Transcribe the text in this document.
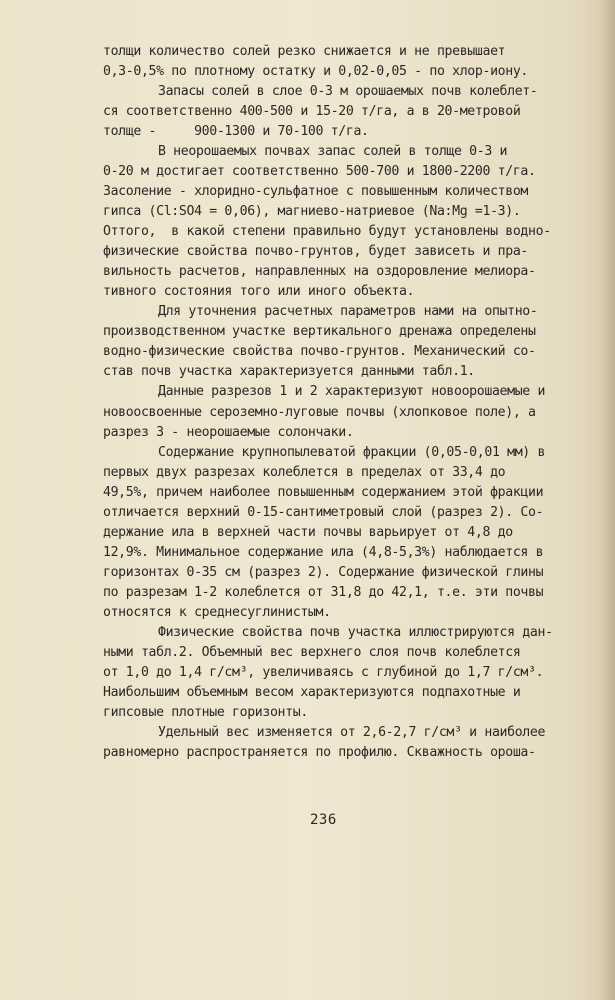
толщи количество солей резко снижается и не превышает
0,3-0,5% по плотному остатку и 0,02-0,05 - по хлор-иону.
Запасы солей в слое 0-3 м орошаемых почв колеблет-
ся соответственно 400-500 и 15-20 т/га, а в 20-метровой
толще -     900-1300 и 70-100 т/га.
В неорошаемых почвах запас солей в толще 0-3 и
0-20 м достигает соответственно 500-700 и 1800-2200 т/га.
Засоление - хлоридно-сульфатное с повышенным количеством
гипса (Cl:SO4 = 0,06), магниево-натриевое (Na:Mg =1-3).
Оттого,  в какой степени правильно будут установлены водно-
физические свойства почво-грунтов, будет зависеть и пра-
вильность расчетов, направленных на оздоровление мелиора-
тивного состояния того или иного объекта.
Для уточнения расчетных параметров нами на опытно-
производственном участке вертикального дренажа определены
водно-физические свойства почво-грунтов. Механический со-
став почв участка характеризуется данными табл.1.
Данные разрезов 1 и 2 характеризуют новоорошаемые и
новоосвоенные сероземно-луговые почвы (хлопковое поле), а
разрез 3 - неорошаемые солончаки.
Содержание крупнопылеватой фракции (0,05-0,01 мм) в
первых двух разрезах колеблется в пределах от 33,4 до
49,5%, причем наиболее повышенным содержанием этой фракции
отличается верхний 0-15-сантиметровый слой (разрез 2). Со-
держание ила в верхней части почвы варьирует от 4,8 до
12,9%. Минимальное содержание ила (4,8-5,3%) наблюдается в
горизонтах 0-35 см (разрез 2). Содержание физической глины
по разрезам 1-2 колеблется от 31,8 до 42,1, т.е. эти почвы
относятся к среднесуглинистым.
Физические свойства почв участка иллюстрируются дан-
ными табл.2. Объемный вес верхнего слоя почв колеблется
от 1,0 до 1,4 г/см³, увеличиваясь с глубиной до 1,7 г/см³.
Наибольшим объемным весом характеризуются подпахотные и
гипсовые плотные горизонты.
Удельный вес изменяется от 2,6-2,7 г/см³ и наиболее
равномерно распространяется по профилю. Скважность ороша-
236
